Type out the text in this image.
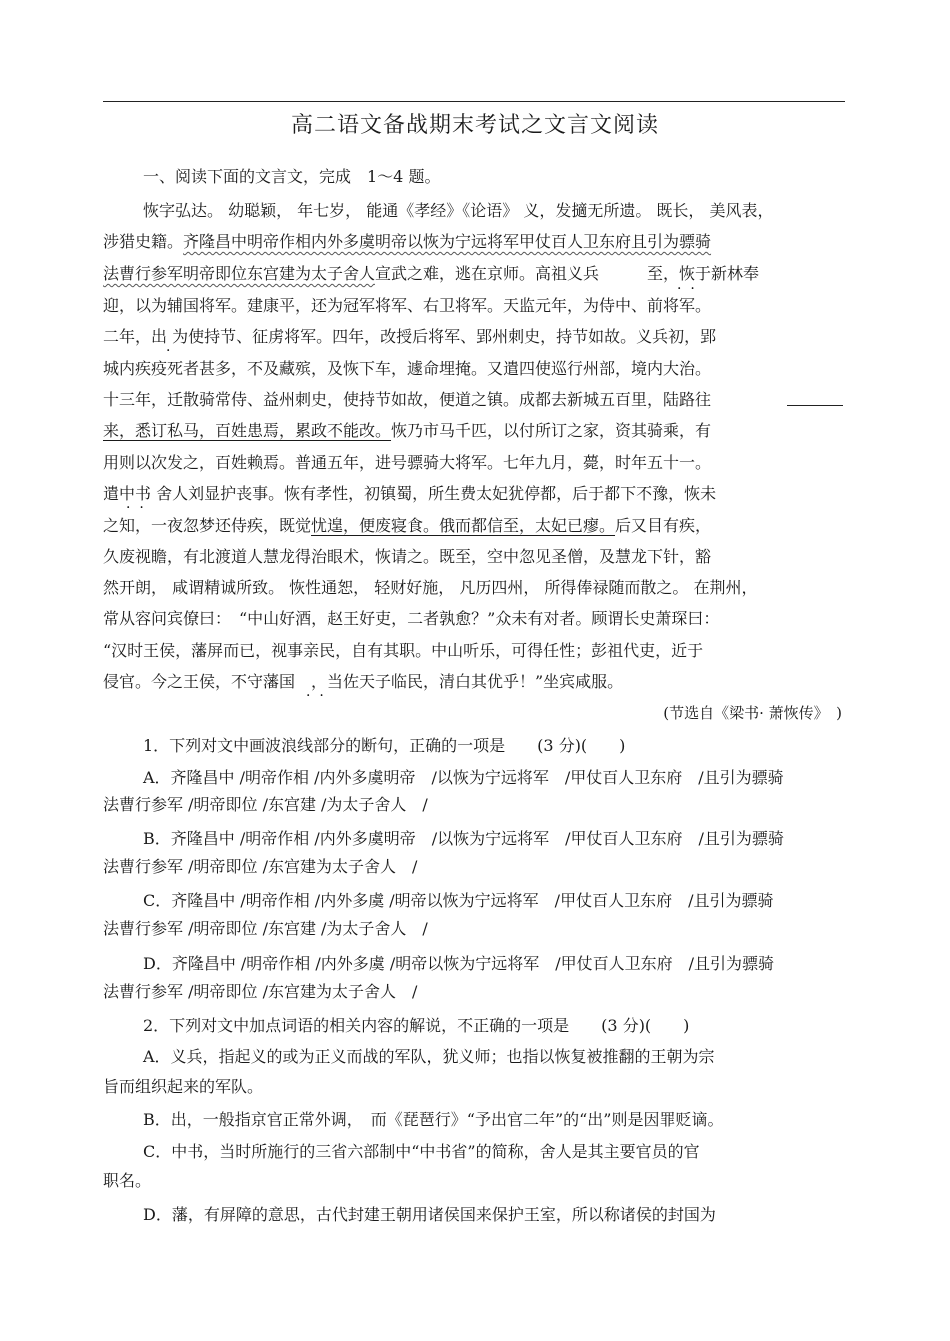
高二语文备战期末考试之文言文阅读
一、阅读下面的文言文，完成　1～4 题。
恢字弘达。 幼聪颖， 年七岁， 能通《孝经》《论语》 义，发擿无所遗。 既长， 美风表，
涉猎史籍。齐隆昌中明帝作相内外多虞明帝以恢为宁远将军甲仗百人卫东府且引为骠骑
法曹行参军明帝即位东宫建为太子舍人宣武之难，逃在京师。高祖义兵　　　至，恢于新林奉
·  ·
迎，以为辅国将军。建康平，还为冠军将军、右卫将军。天监元年，为侍中、前将军。
二年，出 为使持节、征虏将军。四年，改授后将军、郢州刺史，持节如故。义兵初，郢
·
城内疾疫死者甚多，不及藏殡，及恢下车，遽命埋掩。又遣四使巡行州部，境内大治。
十三年，迁散骑常侍、益州刺史，使持节如故，便道之镇。成都去新城五百里，陆路往
来，悉订私马，百姓患焉，累政不能改。恢乃市马千匹，以付所订之家，资其骑乘，有
用则以次发之，百姓赖焉。普通五年，进号骠骑大将军。七年九月，薨，时年五十一。
遣中书 舍人刘显护丧事。恢有孝性，初镇蜀，所生费太妃犹停都，后于都下不豫，恢未
·  ·
之知，一夜忽梦还侍疾，既觉忧遑，便废寝食。俄而都信至，太妃已瘳。后又目有疾，
久废视瞻，有北渡道人慧龙得治眼术，恢请之。既至，空中忽见圣僧，及慧龙下针，豁
然开朗， 咸谓精诚所致。 恢性通恕， 轻财好施， 凡历四州， 所得俸禄随而散之。 在荆州，
常从容问宾僚曰：　“中山好酒，赵王好吏，二者孰愈？”众未有对者。顾谓长史萧琛曰：
“汉时王侯，藩屏而已，视事亲民，自有其职。中山听乐，可得任性；彭祖代吏，近于
侵官。今之王侯，不守藩国　，当佐天子临民，清白其优乎！”坐宾咸服。
·  ·
(节选自《梁书· 萧恢传》　)
1．下列对文中画波浪线部分的断句，正确的一项是　　(3 分)(　　)
A．齐隆昌中 /明帝作相 /内外多虞明帝　/以恢为宁远将军　/甲仗百人卫东府　/且引为骠骑
法曹行参军 /明帝即位 /东宫建 /为太子舍人　/
B．齐隆昌中 /明帝作相 /内外多虞明帝　/以恢为宁远将军　/甲仗百人卫东府　/且引为骠骑
法曹行参军 /明帝即位 /东宫建为太子舍人　/
C．齐隆昌中 /明帝作相 /内外多虞 /明帝以恢为宁远将军　/甲仗百人卫东府　/且引为骠骑
法曹行参军 /明帝即位 /东宫建 /为太子舍人　/
D．齐隆昌中 /明帝作相 /内外多虞 /明帝以恢为宁远将军　/甲仗百人卫东府　/且引为骠骑
法曹行参军 /明帝即位 /东宫建为太子舍人　/
2．下列对文中加点词语的相关内容的解说，不正确的一项是　　(3 分)(　　)
A．义兵，指起义的或为正义而战的军队，犹义师；也指以恢复被推翻的王朝为宗
旨而组织起来的军队。
B．出，一般指京官正常外调，　而《琵琶行》“予出官二年”的“出”则是因罪贬谪。
C．中书，当时所施行的三省六部制中“中书省”的简称，舍人是其主要官员的官
职名。
D．藩，有屏障的意思，古代封建王朝用诸侯国来保护王室，所以称诸侯的封国为
